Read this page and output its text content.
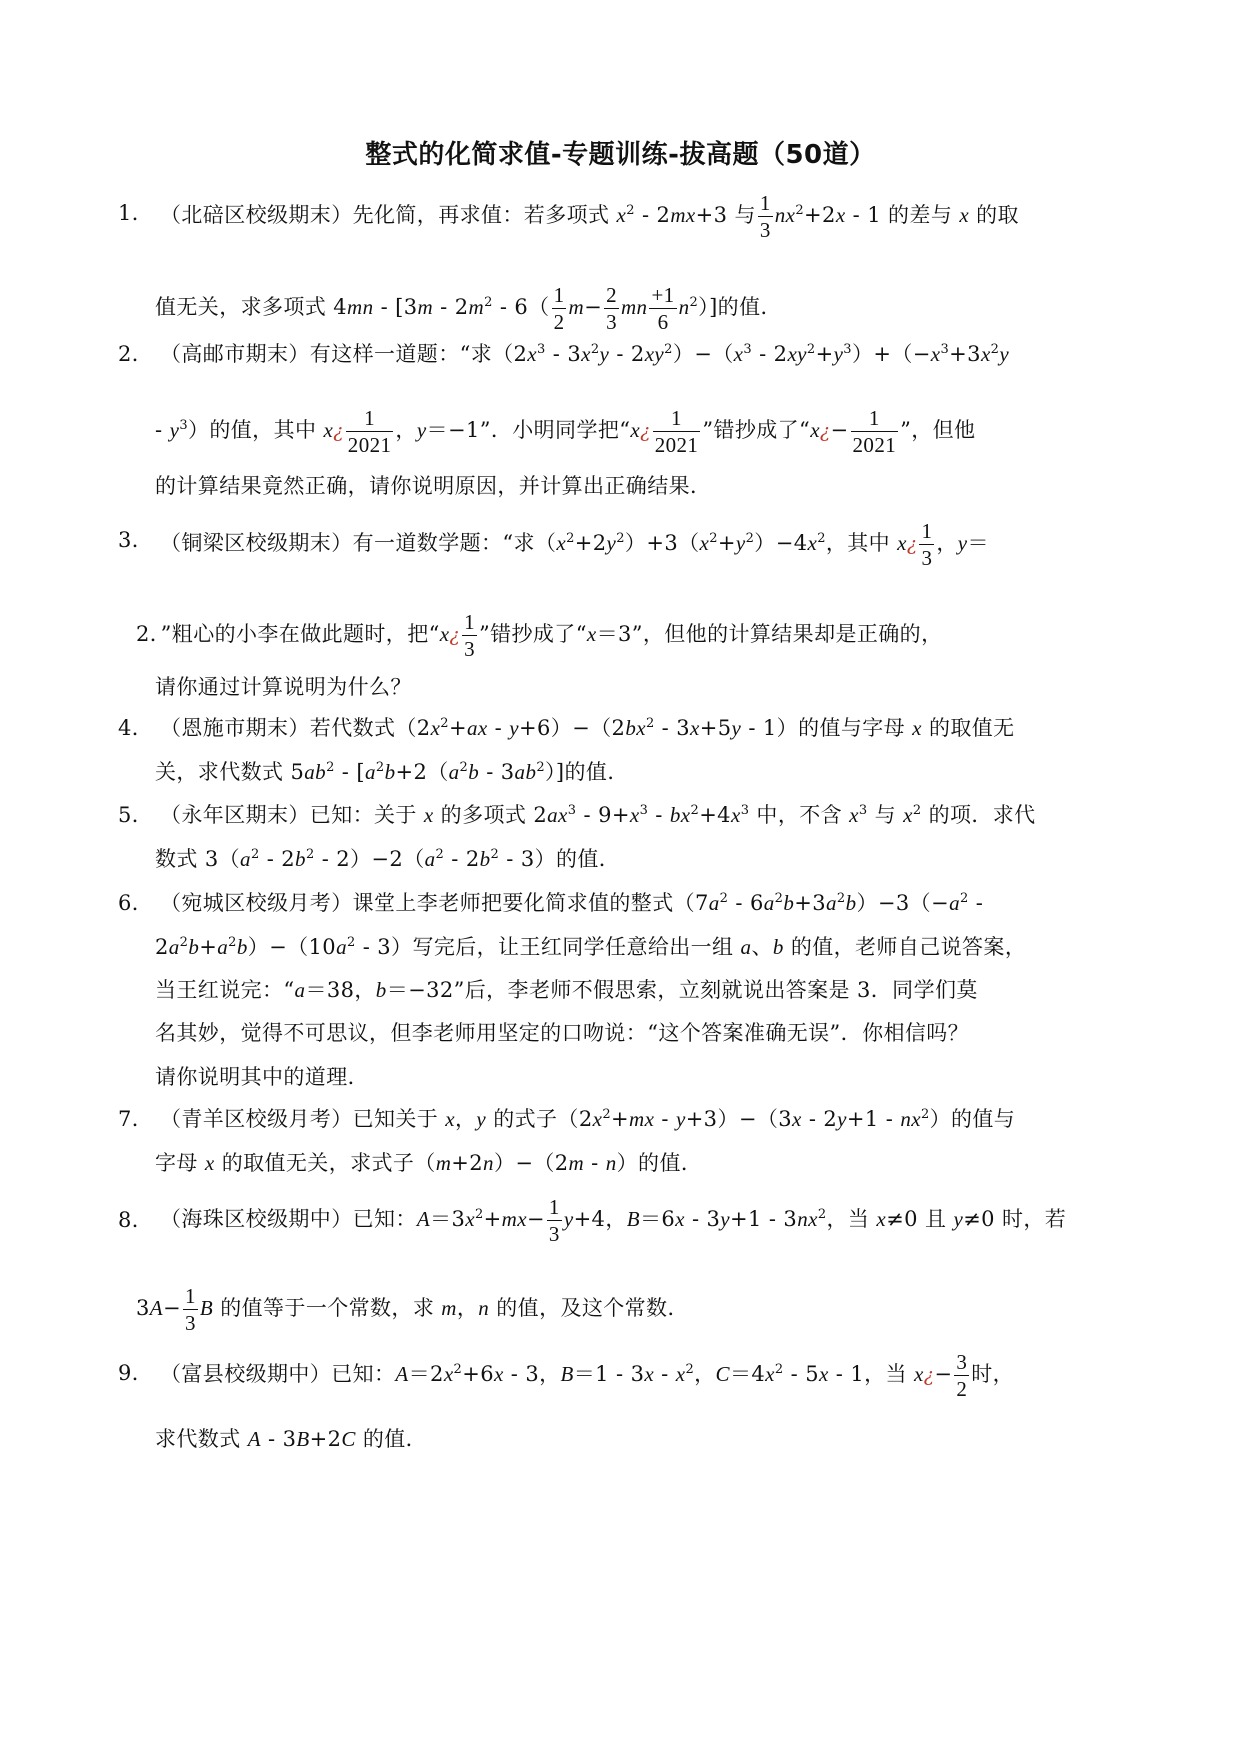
整式的化简求值-专题训练-拔高题（50道）
1． （北碚区校级期末）先化简，再求值：若多项式 $x^2$ ‑ 2mx+3 与 $\frac{1}{3} nx^2+2x$ ‑ 1 的差与 x 的取
值无关，求多项式 4mn ‑ [3m ‑ $2m^2$ ‑ $6( \frac{1}{2} m- \frac{2}{3}$ mn $\frac{+1}{6} n^2$）]的值．
2． （高邮市期末）有这样一道题：“求（$2x^3$ ‑ $3x^2y$ ‑ $2xy^2)-(x^3$ ‑ $2xy^2+y^3)+(-x^3+3x^2y$
‑ $y^3$）的值，其中 x¿ $\frac{1}{2021}$ ，y＝−1”．小明同学把“x¿ $\frac{1}{2021}$ ”错抄成了“x¿− $\frac{1}{2021}$ ”，但他
的计算结果竟然正确，请你说明原因，并计算出正确结果．
3． （铜梁区校级期末）有一道数学题：“求$(x^2+2y^2)+3(x^2+y^2)-4x^2$，其中 x¿ $\frac{1}{3}$ ，y＝
2．”粗心的小李在做此题时，把“x¿ $\frac{1}{3}$ ”错抄成了“x＝3”，但他的计算结果却是正确的，
请你通过计算说明为什么？
4． （恩施市期末）若代数式（$2x^2+ax$ ‑ $y+6)-(2bx^2$ ‑ 3x+5y ‑ 1）的值与字母 x 的取值无
关，求代数式 $5ab^2$ ‑ [$a^2b+2(a^2b$ ‑ $3ab^2$）]的值．
5． （永年区期末）已知：关于 x 的多项式 $2ax^3$ ‑ $9+x^3$ ‑ $bx^2+4x^3$ 中，不含 $x^3$ 与 $x^2$ 的项．求代
数式 $3(a^2$ ‑ $2b^2$ ‑ $2)-2(a^2$ ‑ $2b^2$ ‑ 3）的值．
6． （宛城区校级月考）课堂上李老师把要化简求值的整式（$7a^2$ ‑ $6a^2b+3a^2b)-3(-a^2$ ‑
$2a^2b+a^2b)-(10a^2$ ‑ 3）写完后，让王红同学任意给出一组 a、b 的值，老师自己说答案，
当王红说完：“a＝38，b＝−32”后，李老师不假思索，立刻就说出答案是 3．同学们莫
名其妙，觉得不可思议，但李老师用坚定的口吻说：“这个答案准确无误”．你相信吗？
请你说明其中的道理．
7． （青羊区校级月考）已知关于 x，y 的式子（$2x^2+mx$ ‑ y+3）−（3x ‑ 2y+1 ‑ $nx^2$）的值与
字母 x 的取值无关，求式子（m+2n）−（2m ‑ n）的值．
8． （海珠区校级期中）已知：$A=3x^2+mx- \frac{1}{3} y+4$，B＝6x ‑ 3y+1 ‑ $3nx^2$，当 x≠0 且 y≠0 时，若
$3A- \frac{1}{3}$ B 的值等于一个常数，求 m，n 的值，及这个常数．
9． （富县校级期中）已知：$A=2x^2+6x$ ‑ 3，B＝1 ‑ 3x ‑ $x^2$，$C=4x^2$ ‑ 5x ‑ 1，当 x¿− $\frac{3}{2}$ 时，
求代数式 A ‑ 3B+2C 的值．
